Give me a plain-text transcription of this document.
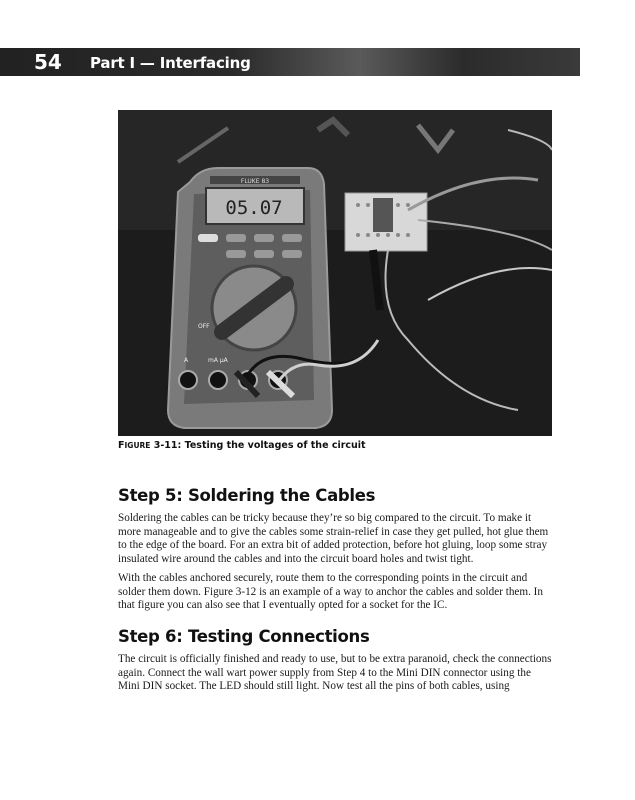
54 Part I — Interfacing
FLUKE 83
05.07
OFF
A	mA μA
FIGURE 3-11: Testing the voltages of the circuit
Step 5: Soldering the Cables

Soldering the cables can be tricky because they’re so big compared to the circuit. To make it more manageable and to give the cables some strain-relief in case they get pulled, hot glue them to the edge of the board. For an extra bit of added protection, before hot gluing, loop some stray insulated wire around the cables and into the circuit board holes and twist tight.

With the cables anchored securely, route them to the corresponding points in the circuit and solder them down. Figure 3-12 is an example of a way to anchor the cables and solder them. In that figure you can also see that I eventually opted for a socket for the IC.

Step 6: Testing Connections

The circuit is officially finished and ready to use, but to be extra paranoid, check the connections again. Connect the wall wart power supply from Step 4 to the Mini DIN connector using the Mini DIN socket. The LED should still light. Now test all the pins of both cables, using
